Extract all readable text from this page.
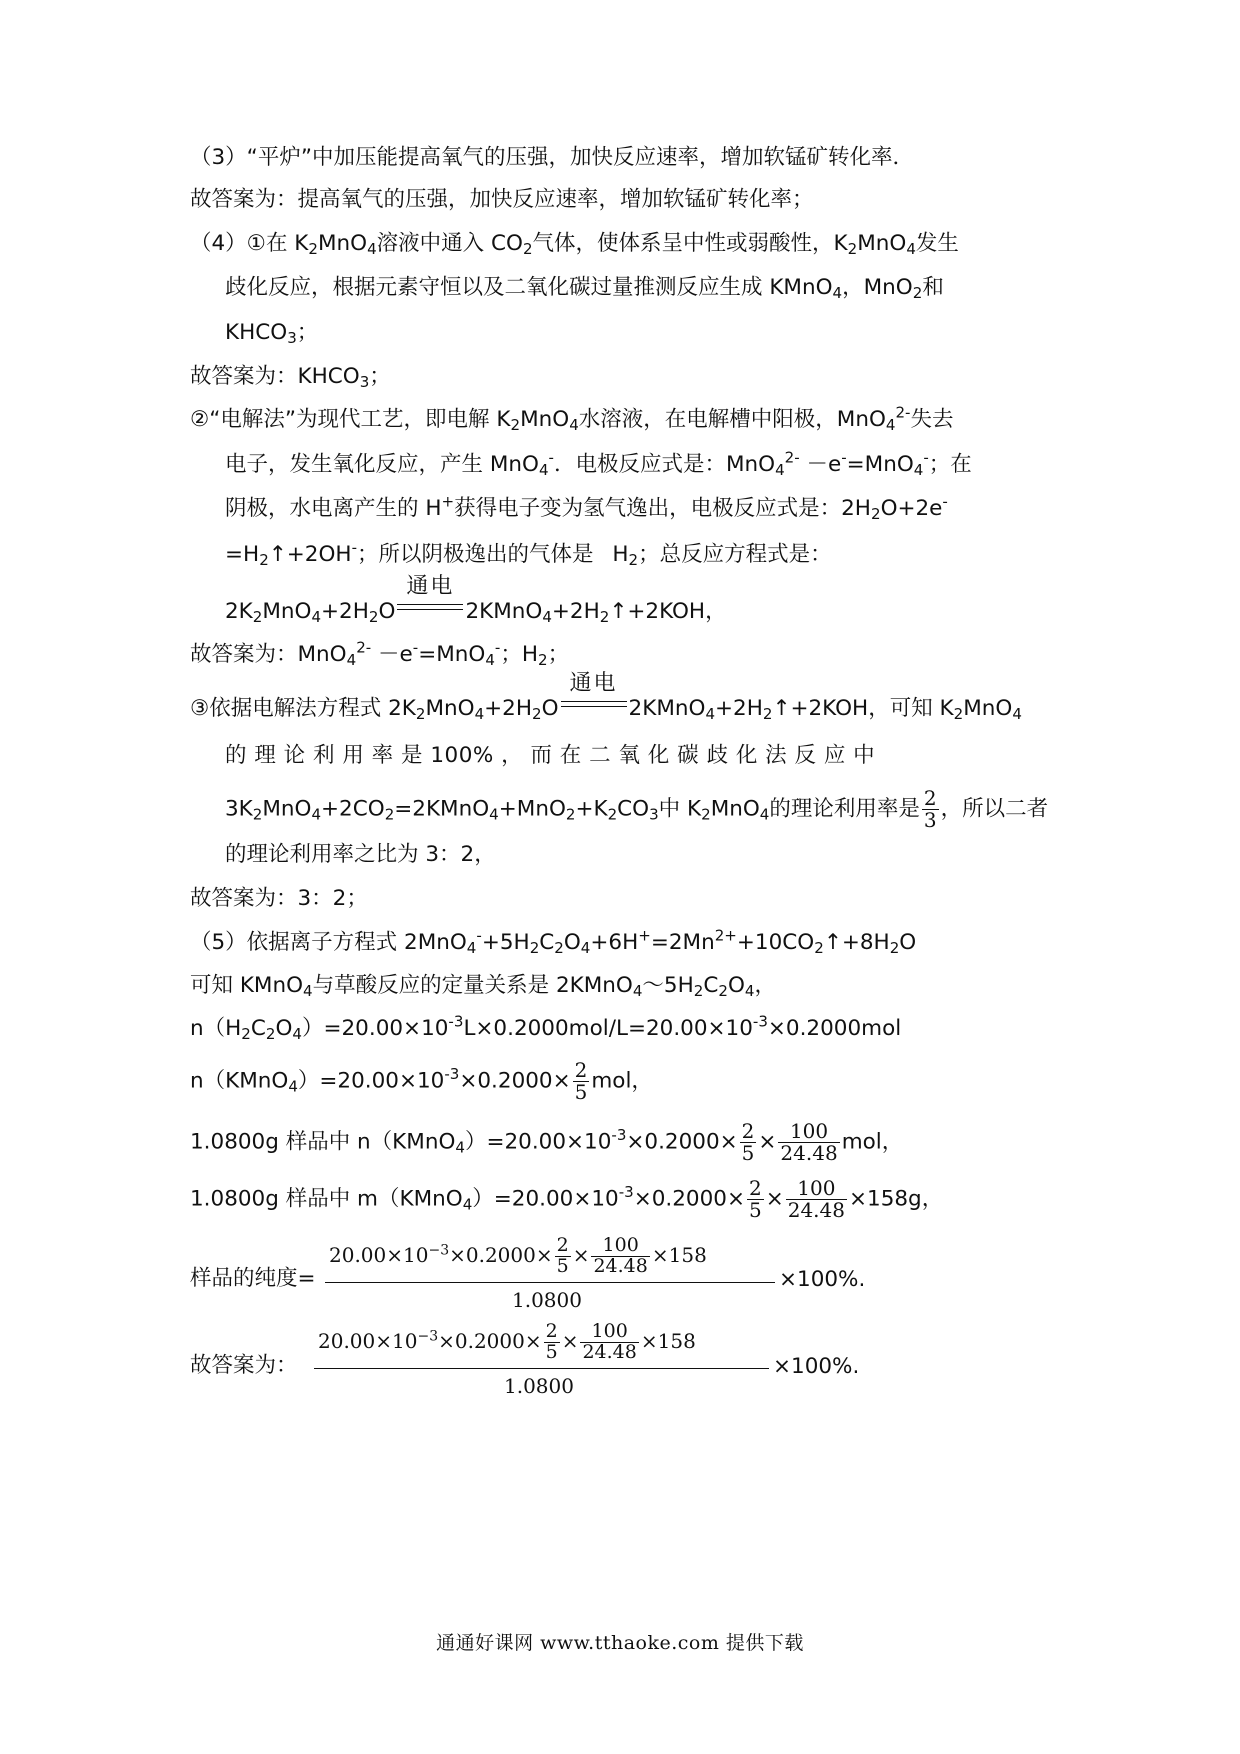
（3）“平炉”中加压能提高氧气的压强，加快反应速率，增加软锰矿转化率．
故答案为：提高氧气的压强，加快反应速率，增加软锰矿转化率；
（4）①在 $K_2MnO_4$溶液中通入 $CO_2$气体，使体系呈中性或弱酸性，$K_2MnO_4$发生
歧化反应，根据元素守恒以及二氧化碳过量推测反应生成 KMnO$_4$，MnO$_2$和
$KHCO_3$；
故答案为：$KHCO_3$；
②“电解法”为现代工艺，即电解 $K_2MnO_4$水溶液，在电解槽中阳极，MnO$_4^{2-}$失去
电子，发生氧化反应，产生 MnO$_4$-．电极反应式是：MnO$_4^{2-}$ －e-=MnO$_4$-；在
阴极，水电离产生的 H+获得电子变为氢气逸出，电极反应式是：$2H_2O+2e^-$
$=H_2↑+2OH^-$；所以阴极逸出的气体是 $H_2$；总反应方程式是：
$2K_2MnO_4+2H_2O$
通电
$2KMnO_4+2H_2↑+2KOH$，
故答案为：MnO$_4^{2-}$ －e-=MnO$_4$-；$H_2$；
③依据电解法方程式 $2K_2MnO_4+2H_2O$
通电
$2KMnO_4+2H_2↑+2KOH$，可知 $K_2MnO_4$
的 理 论 利 用 率 是 100% ， 而 在 二 氧 化 碳 歧 化 法 反 应 中
$3K_2MnO_4+2CO_2=2KMnO_4+MnO_2+K_2CO_3$中 $K_2MnO_4$的理论利用率是 $\frac{2}{3}$ ，所以二者
的理论利用率之比为 3：2，
故答案为：3：2；
（5）依据离子方程式 $2MnO_4^-+5H_2C_2O_4+6H^+=2Mn^{2+}+10CO_2↑+8H_2O$
可知 KMnO$_4$与草酸反应的定量关系是 $2KMnO_4\sim 5H_2C_2O_4$，
$n(H_2C_2O_4)=20.00\times 10^{-3}L\times 0.2000mol/L=20.00\times 10^{-3}\times 0.2000mol$
$n(KMnO_4)=20.00\times 10^{-3}\times 0.2000\times \frac{2}{5}$ mol，
1.0800g 样品中 $n(KMnO_4)=20.00\times 10^{-3}\times 0.2000\times \frac{2}{5} \times \frac{100}{24.48}$ mol，
1.0800g 样品中 $m(KMnO_4)=20.00\times 10^{-3}\times 0.2000\times \frac{2}{5} \times \frac{100}{24.48} \times 158g$，
样品的纯度=
$20.00\times 10^{-3}\times 0.2000\times \frac{2}{5} \times \frac{100}{24.48} \times 158$
1.0800
×100%.
故答案为：
$20.00\times 10^{-3}\times 0.2000\times \frac{2}{5} \times \frac{100}{24.48} \times 158$
1.0800
×100%.
通通好课网 www.tthaoke.com 提供下载
